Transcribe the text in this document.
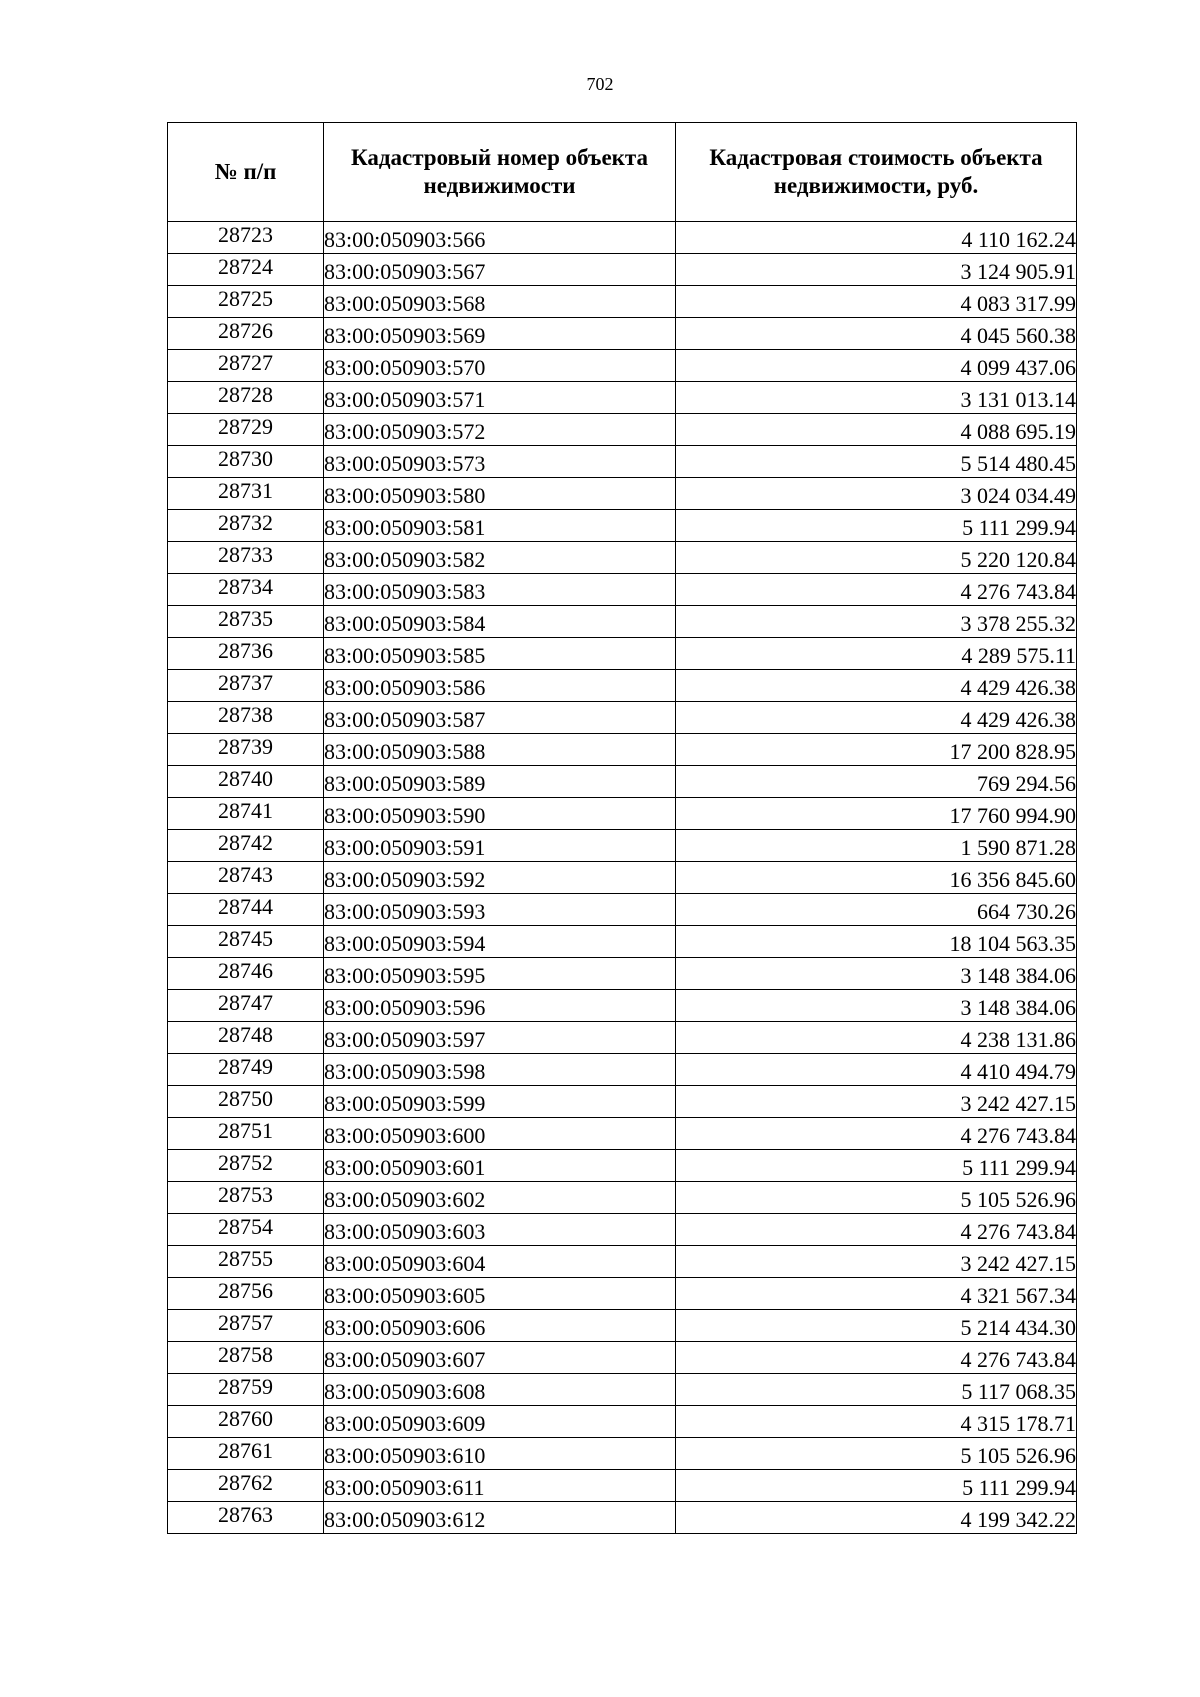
702
№ п/п	Кадастровый номер объекта недвижимости	Кадастровая стоимость объекта недвижимости, руб.
28723	83:00:050903:566	4 110 162.24
28724	83:00:050903:567	3 124 905.91
28725	83:00:050903:568	4 083 317.99
28726	83:00:050903:569	4 045 560.38
28727	83:00:050903:570	4 099 437.06
28728	83:00:050903:571	3 131 013.14
28729	83:00:050903:572	4 088 695.19
28730	83:00:050903:573	5 514 480.45
28731	83:00:050903:580	3 024 034.49
28732	83:00:050903:581	5 111 299.94
28733	83:00:050903:582	5 220 120.84
28734	83:00:050903:583	4 276 743.84
28735	83:00:050903:584	3 378 255.32
28736	83:00:050903:585	4 289 575.11
28737	83:00:050903:586	4 429 426.38
28738	83:00:050903:587	4 429 426.38
28739	83:00:050903:588	17 200 828.95
28740	83:00:050903:589	769 294.56
28741	83:00:050903:590	17 760 994.90
28742	83:00:050903:591	1 590 871.28
28743	83:00:050903:592	16 356 845.60
28744	83:00:050903:593	664 730.26
28745	83:00:050903:594	18 104 563.35
28746	83:00:050903:595	3 148 384.06
28747	83:00:050903:596	3 148 384.06
28748	83:00:050903:597	4 238 131.86
28749	83:00:050903:598	4 410 494.79
28750	83:00:050903:599	3 242 427.15
28751	83:00:050903:600	4 276 743.84
28752	83:00:050903:601	5 111 299.94
28753	83:00:050903:602	5 105 526.96
28754	83:00:050903:603	4 276 743.84
28755	83:00:050903:604	3 242 427.15
28756	83:00:050903:605	4 321 567.34
28757	83:00:050903:606	5 214 434.30
28758	83:00:050903:607	4 276 743.84
28759	83:00:050903:608	5 117 068.35
28760	83:00:050903:609	4 315 178.71
28761	83:00:050903:610	5 105 526.96
28762	83:00:050903:611	5 111 299.94
28763	83:00:050903:612	4 199 342.22
